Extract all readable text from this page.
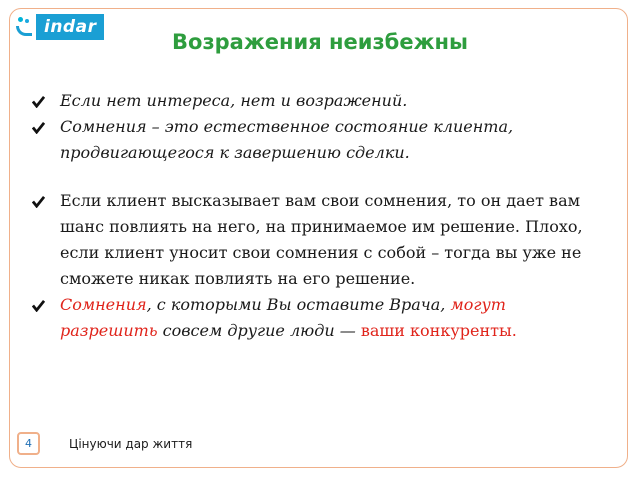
indar
Возражения неизбежны
Если нет интереса, нет и возражений.
Сомнения – это естественное состояние клиента, продвигающегося к завершению сделки.
Если клиент высказывает вам свои сомнения, то он дает вам шанс повлиять на него, на принимаемое им решение. Плохо, если клиент уносит свои сомнения с собой – тогда вы уже не сможете никак повлиять на его решение.
Сомнения, с которыми Вы оставите Врача, могут разрешить совсем другие люди — ваши конкуренты.
4	Цінуючи дар життя
